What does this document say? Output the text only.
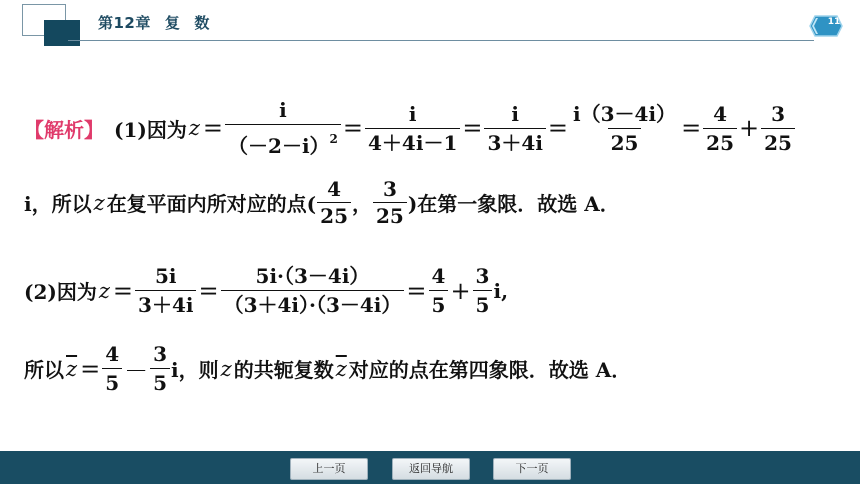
第12章 复 数	11
【解析】 (1)因为 $z = \frac{i}{(-2-i)^2} = \frac{i}{4+4i-1} = \frac{i}{3+4i} = \frac{i(3-4i)}{25} = \frac{4}{25} + \frac{3}{25}$
i，所以 z 在复平面内所对应的点( $\frac{4}{25}$ ， $\frac{3}{25}$ )在第一象限．故选 A．
(2)因为 $z = \frac{5i}{3+4i} = \frac{5i\cdot(3-4i)}{(3+4i)\cdot(3-4i)} = \frac{4}{5} + \frac{3}{5} i$,
所以 $\overline{z} = \frac{4}{5} - \frac{3}{5}$ i，则 z 的共轭复数 $\overline{z}$ 对应的点在第四象限．故选 A．
上一页	返回导航	下一页
